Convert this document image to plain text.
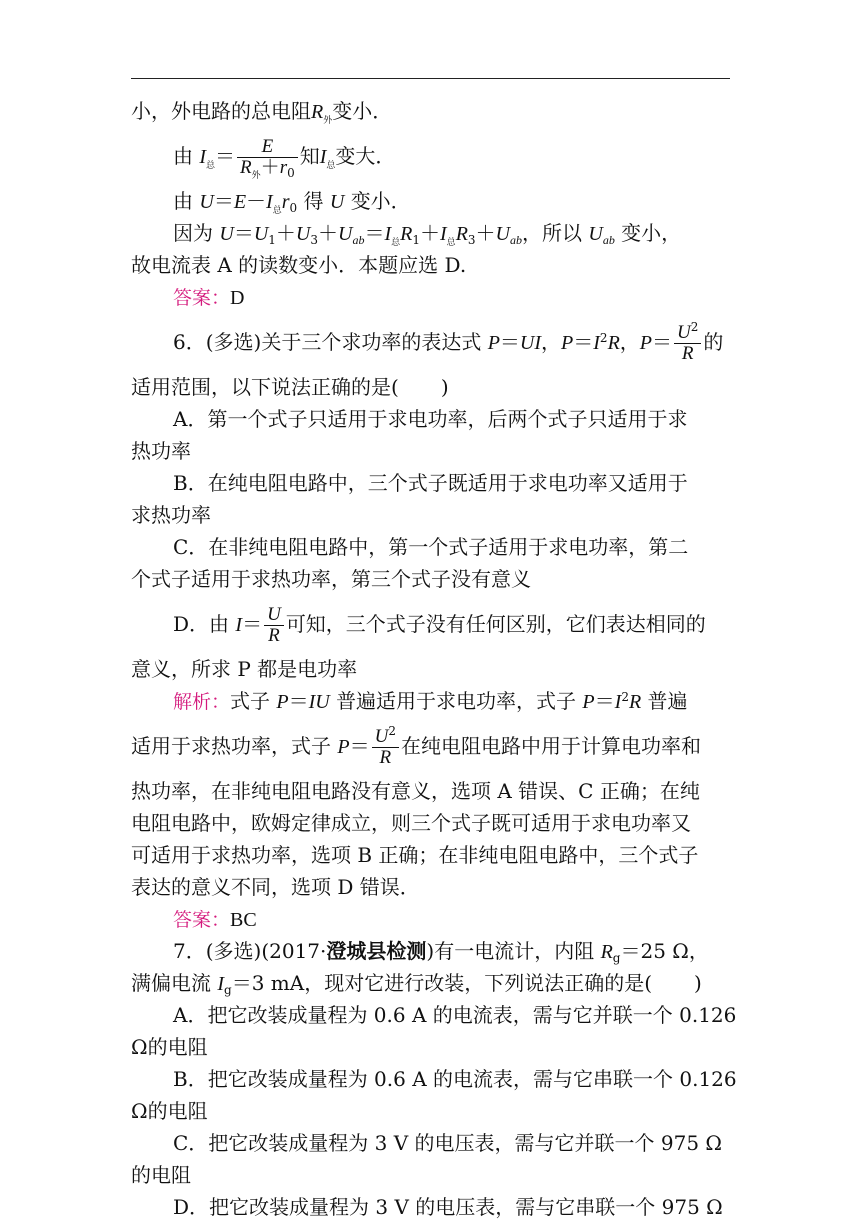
小，外电路的总电阻$R_外$变小．
由 $I_总= \frac{E}{R_外+r_0}$ 知$I_总$变大．
由 $U=E-I_总r_0$ 得 U 变小．
因为 $U=U_1+U_3+U_{ab}=I_总R_1+I_总R_3+U_{ab}$，所以 $U_{ab}$ 变小，
故电流表 A 的读数变小．本题应选 D.
答案：D
6．(多选)关于三个求功率的表达式 P＝UI，$P=I^2R$，$P= \frac{U^2}{R}$ 的
适用范围，以下说法正确的是( )
A．第一个式子只适用于求电功率，后两个式子只适用于求
热功率
B．在纯电阻电路中，三个式子既适用于求电功率又适用于
求热功率
C．在非纯电阻电路中，第一个式子适用于求电功率，第二
个式子适用于求热功率，第三个式子没有意义
D．由 $I= \frac{U}{R}$ 可知，三个式子没有任何区别，它们表达相同的
意义，所求 P 都是电功率
解析：式子 P＝IU 普遍适用于求电功率，式子 $P=I^2R$ 普遍
适用于求热功率，式子 $P= \frac{U^2}{R}$ 在纯电阻电路中用于计算电功率和
热功率，在非纯电阻电路没有意义，选项 A 错误、C 正确；在纯
电阻电路中，欧姆定律成立，则三个式子既可适用于求电功率又
可适用于求热功率，选项 B 正确；在非纯电阻电路中，三个式子
表达的意义不同，选项 D 错误．
答案：BC
7．(多选)(2017·澄城县检测)有一电流计，内阻 $R_g=25$ Ω，
满偏电流 $I_g=3$ mA，现对它进行改装，下列说法正确的是( )
A．把它改装成量程为 0.6 A 的电流表，需与它并联一个 0.126
Ω的电阻
B．把它改装成量程为 0.6 A 的电流表，需与它串联一个 0.126
Ω的电阻
C．把它改装成量程为 3 V 的电压表，需与它并联一个 975 Ω
的电阻
D．把它改装成量程为 3 V 的电压表，需与它串联一个 975 Ω
